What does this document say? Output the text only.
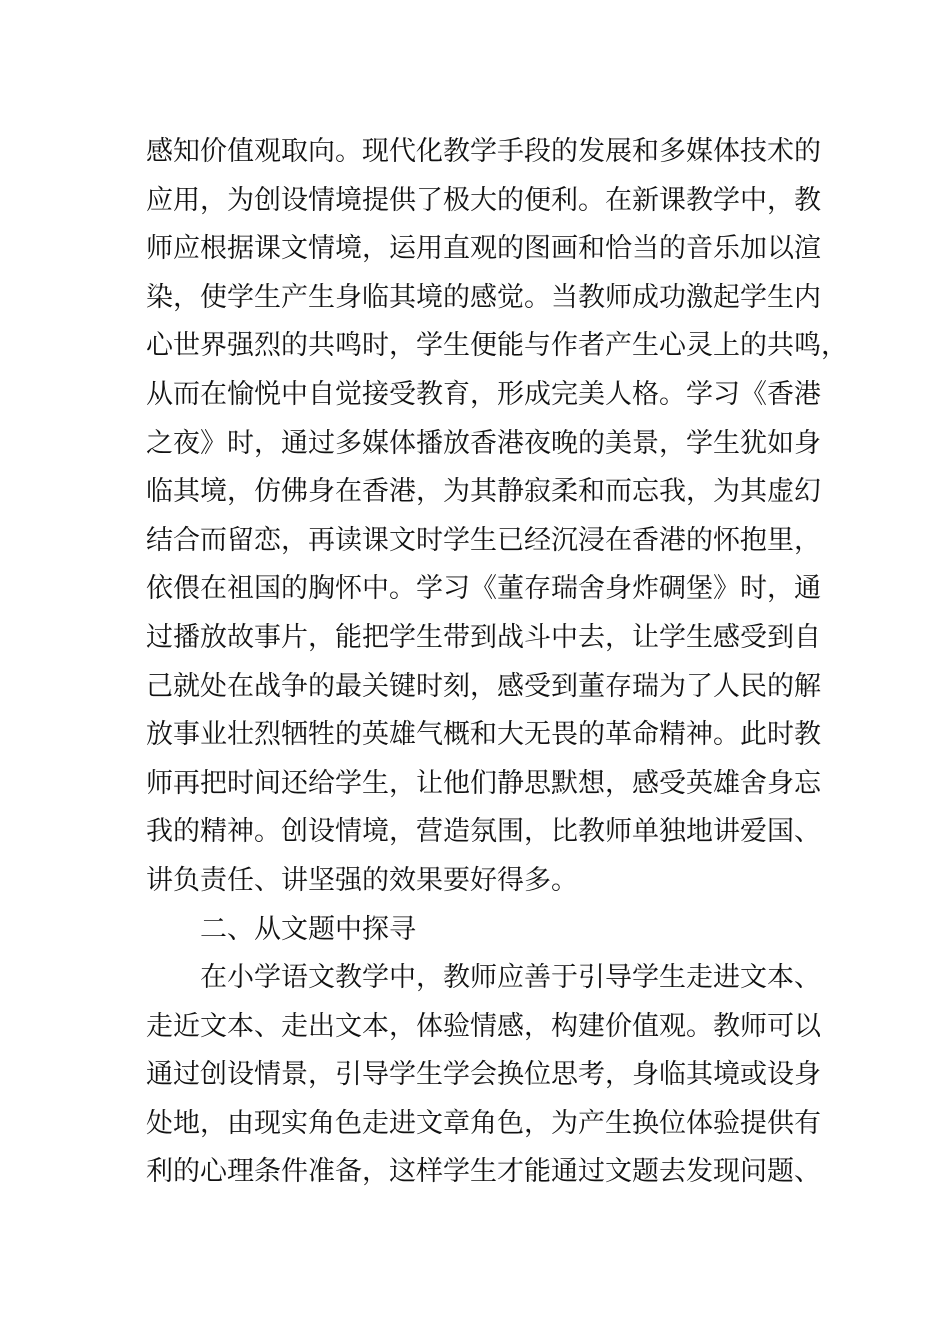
感知价值观取向。现代化教学手段的发展和多媒体技术的
应用，为创设情境提供了极大的便利。在新课教学中，教
师应根据课文情境，运用直观的图画和恰当的音乐加以渲
染，使学生产生身临其境的感觉。当教师成功激起学生内
心世界强烈的共鸣时，学生便能与作者产生心灵上的共鸣，
从而在愉悦中自觉接受教育，形成完美人格。学习《香港
之夜》时，通过多媒体播放香港夜晚的美景，学生犹如身
临其境，仿佛身在香港，为其静寂柔和而忘我，为其虚幻
结合而留恋，再读课文时学生已经沉浸在香港的怀抱里，
依偎在祖国的胸怀中。学习《董存瑞舍身炸碉堡》时，通
过播放故事片，能把学生带到战斗中去，让学生感受到自
己就处在战争的最关键时刻，感受到董存瑞为了人民的解
放事业壮烈牺牲的英雄气概和大无畏的革命精神。此时教
师再把时间还给学生，让他们静思默想，感受英雄舍身忘
我的精神。创设情境，营造氛围，比教师单独地讲爱国、
讲负责任、讲坚强的效果要好得多。
二、从文题中探寻
在小学语文教学中，教师应善于引导学生走进文本、
走近文本、走出文本，体验情感，构建价值观。教师可以
通过创设情景，引导学生学会换位思考，身临其境或设身
处地，由现实角色走进文章角色，为产生换位体验提供有
利的心理条件准备，这样学生才能通过文题去发现问题、
